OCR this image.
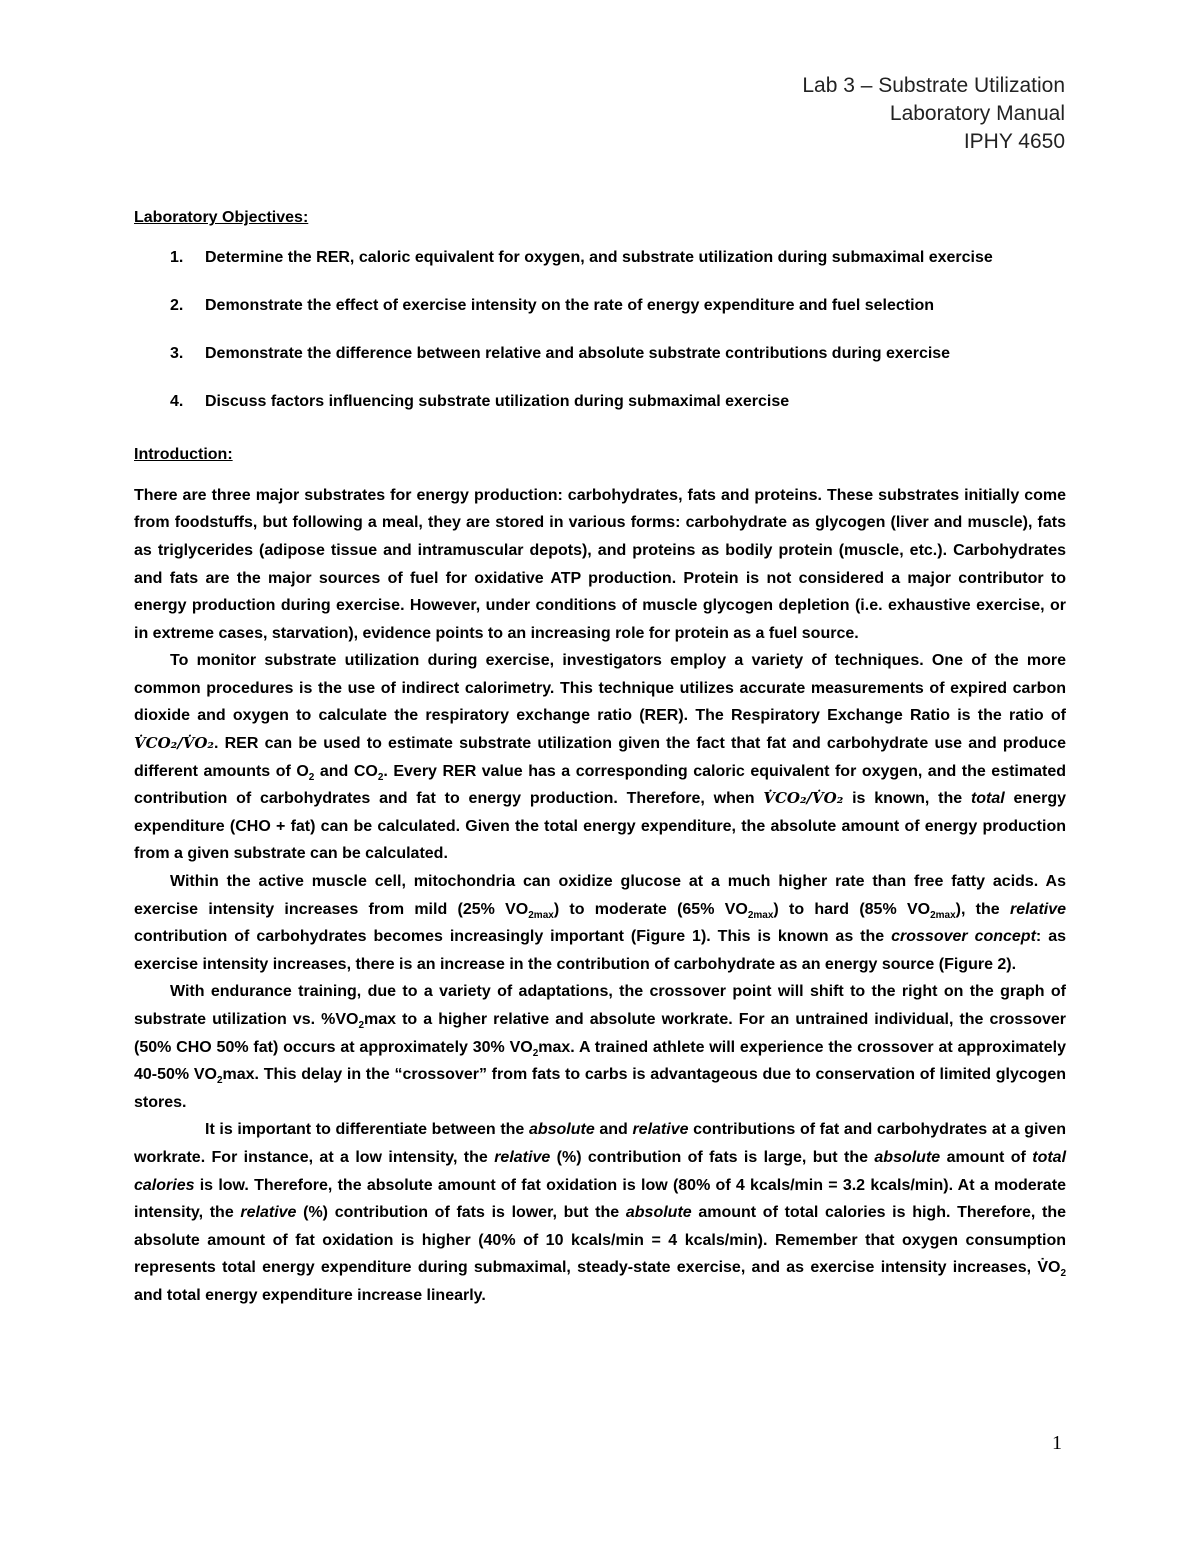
Lab 3 – Substrate Utilization
Laboratory Manual
IPHY 4650

Laboratory Objectives:

1. Determine the RER, caloric equivalent for oxygen, and substrate utilization during submaximal exercise
2. Demonstrate the effect of exercise intensity on the rate of energy expenditure and fuel selection
3. Demonstrate the difference between relative and absolute substrate contributions during exercise
4. Discuss factors influencing substrate utilization during submaximal exercise

Introduction:

There are three major substrates for energy production: carbohydrates, fats and proteins. These substrates initially come from foodstuffs, but following a meal, they are stored in various forms: carbohydrate as glycogen (liver and muscle), fats as triglycerides (adipose tissue and intramuscular depots), and proteins as bodily protein (muscle, etc.). Carbohydrates and fats are the major sources of fuel for oxidative ATP production. Protein is not considered a major contributor to energy production during exercise. However, under conditions of muscle glycogen depletion (i.e. exhaustive exercise, or in extreme cases, starvation), evidence points to an increasing role for protein as a fuel source.

To monitor substrate utilization during exercise, investigators employ a variety of techniques. One of the more common procedures is the use of indirect calorimetry. This technique utilizes accurate measurements of expired carbon dioxide and oxygen to calculate the respiratory exchange ratio (RER). The Respiratory Exchange Ratio is the ratio of V̇CO₂/V̇O₂. RER can be used to estimate substrate utilization given the fact that fat and carbohydrate use and produce different amounts of $O_2$ and $CO_2$. Every RER value has a corresponding caloric equivalent for oxygen, and the estimated contribution of carbohydrates and fat to energy production. Therefore, when V̇CO₂/V̇O₂ is known, the total energy expenditure (CHO + fat) can be calculated. Given the total energy expenditure, the absolute amount of energy production from a given substrate can be calculated.

Within the active muscle cell, mitochondria can oxidize glucose at a much higher rate than free fatty acids. As exercise intensity increases from mild (25% $VO_{2max}$) to moderate (65% $VO_{2max}$) to hard (85% $VO_{2max}$), the relative contribution of carbohydrates becomes increasingly important (Figure 1). This is known as the crossover concept: as exercise intensity increases, there is an increase in the contribution of carbohydrate as an energy source (Figure 2).

With endurance training, due to a variety of adaptations, the crossover point will shift to the right on the graph of substrate utilization vs. $\%VO_2\max$ to a higher relative and absolute workrate. For an untrained individual, the crossover (50% CHO 50% fat) occurs at approximately 30% $VO_2\max$. A trained athlete will experience the crossover at approximately 40-50% $VO_2\max$. This delay in the “crossover” from fats to carbs is advantageous due to conservation of limited glycogen stores.

It is important to differentiate between the absolute and relative contributions of fat and carbohydrates at a given workrate. For instance, at a low intensity, the relative (%) contribution of fats is large, but the absolute amount of total calories is low. Therefore, the absolute amount of fat oxidation is low (80% of 4 kcals/min = 3.2 kcals/min). At a moderate intensity, the relative (%) contribution of fats is lower, but the absolute amount of total calories is high. Therefore, the absolute amount of fat oxidation is higher (40% of 10 kcals/min = 4 kcals/min). Remember that oxygen consumption represents total energy expenditure during submaximal, steady-state exercise, and as exercise intensity increases, $V̇O_2$ and total energy expenditure increase linearly.

1
